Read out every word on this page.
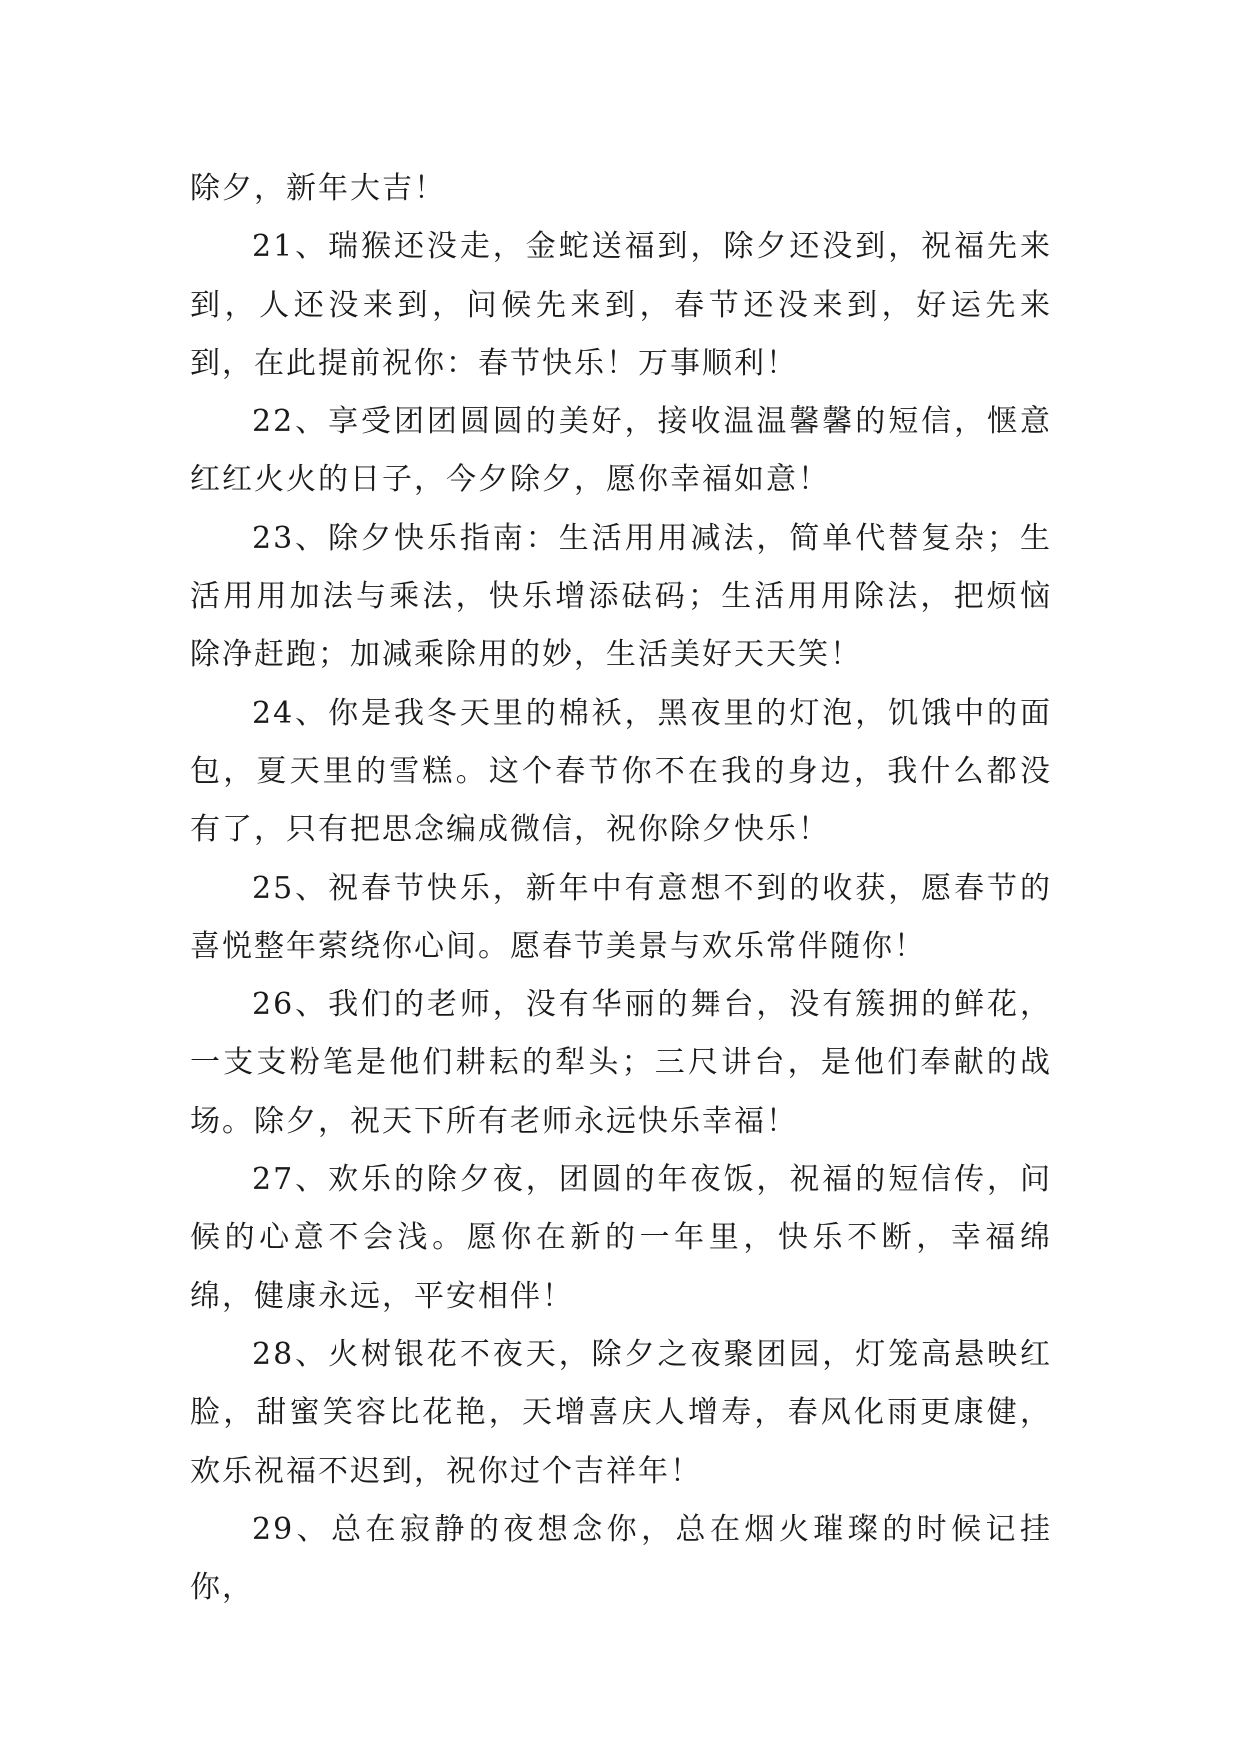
除夕，新年大吉！

21、瑞猴还没走，金蛇送福到，除夕还没到，祝福先来到，人还没来到，问候先来到，春节还没来到，好运先来到，在此提前祝你：春节快乐！万事顺利！

22、享受团团圆圆的美好，接收温温馨馨的短信，惬意红红火火的日子，今夕除夕，愿你幸福如意！

23、除夕快乐指南：生活用用减法，简单代替复杂；生活用用加法与乘法，快乐增添砝码；生活用用除法，把烦恼除净赶跑；加减乘除用的妙，生活美好天天笑！

24、你是我冬天里的棉袄，黑夜里的灯泡，饥饿中的面包，夏天里的雪糕。这个春节你不在我的身边，我什么都没有了，只有把思念编成微信，祝你除夕快乐！

25、祝春节快乐，新年中有意想不到的收获，愿春节的喜悦整年萦绕你心间。愿春节美景与欢乐常伴随你！

26、我们的老师，没有华丽的舞台，没有簇拥的鲜花，一支支粉笔是他们耕耘的犁头；三尺讲台，是他们奉献的战场。除夕，祝天下所有老师永远快乐幸福！

27、欢乐的除夕夜，团圆的年夜饭，祝福的短信传，问候的心意不会浅。愿你在新的一年里，快乐不断，幸福绵绵，健康永远，平安相伴！

28、火树银花不夜天，除夕之夜聚团园，灯笼高悬映红脸，甜蜜笑容比花艳，天增喜庆人增寿，春风化雨更康健，欢乐祝福不迟到，祝你过个吉祥年！

29、总在寂静的夜想念你，总在烟火璀璨的时候记挂你，
